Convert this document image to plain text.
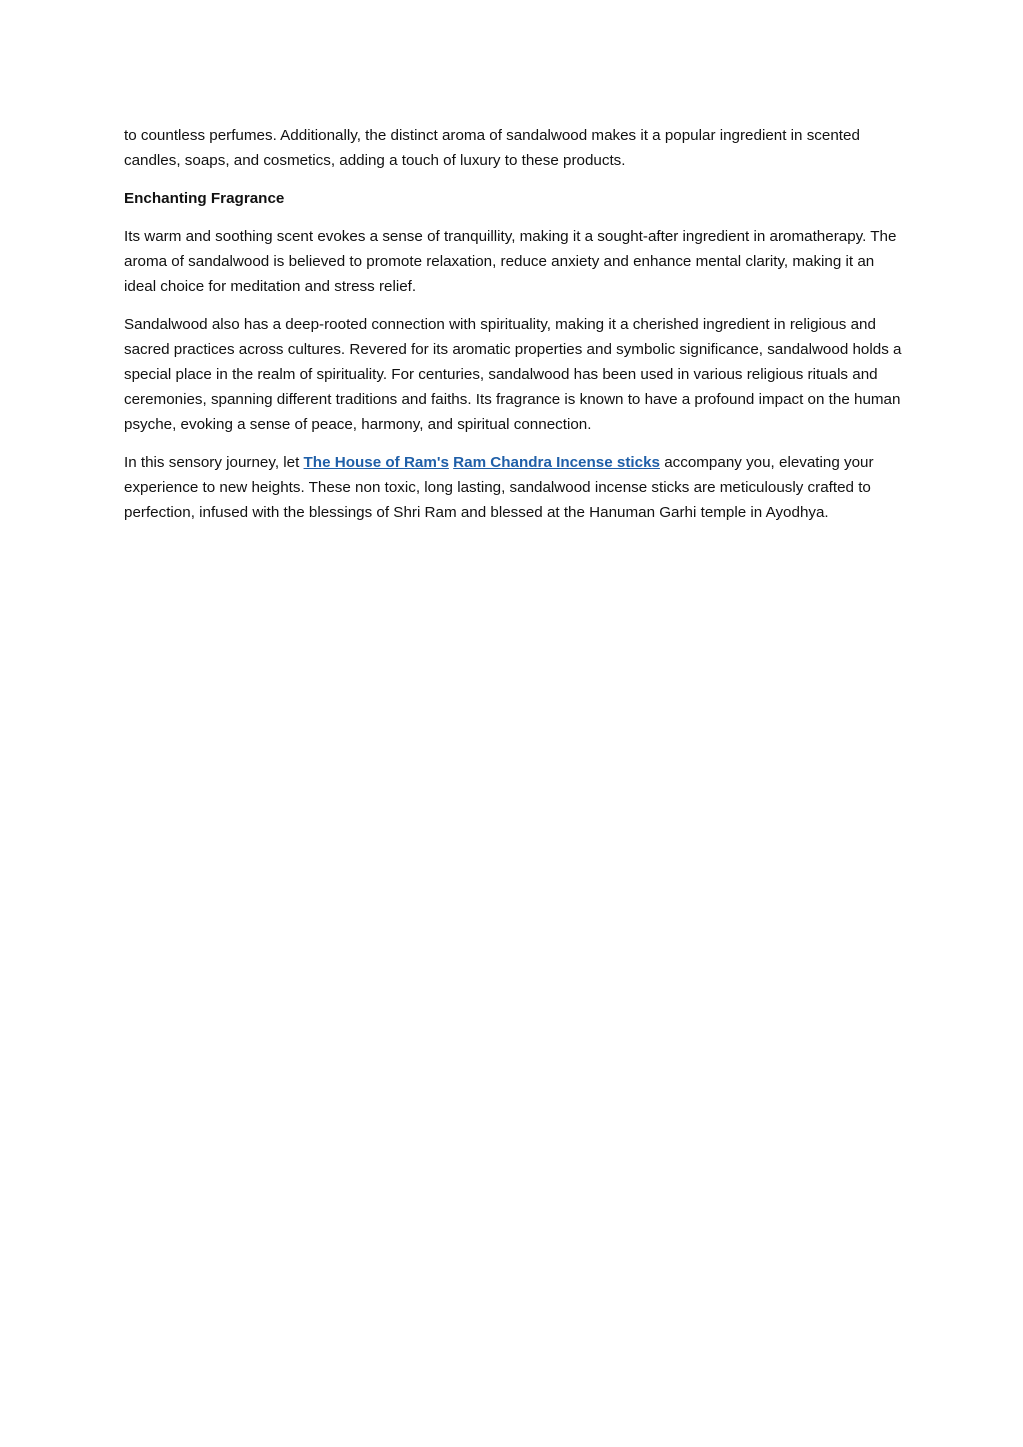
to countless perfumes. Additionally, the distinct aroma of sandalwood makes it a popular ingredient in scented candles, soaps, and cosmetics, adding a touch of luxury to these products.

Enchanting Fragrance

Its warm and soothing scent evokes a sense of tranquillity, making it a sought-after ingredient in aromatherapy. The aroma of sandalwood is believed to promote relaxation, reduce anxiety and enhance mental clarity, making it an ideal choice for meditation and stress relief.

Sandalwood also has a deep-rooted connection with spirituality, making it a cherished ingredient in religious and sacred practices across cultures. Revered for its aromatic properties and symbolic significance, sandalwood holds a special place in the realm of spirituality. For centuries, sandalwood has been used in various religious rituals and ceremonies, spanning different traditions and faiths. Its fragrance is known to have a profound impact on the human psyche, evoking a sense of peace, harmony, and spiritual connection.

In this sensory journey, let The House of Ram's Ram Chandra Incense sticks accompany you, elevating your experience to new heights. These non toxic, long lasting, sandalwood incense sticks are meticulously crafted to perfection, infused with the blessings of Shri Ram and blessed at the Hanuman Garhi temple in Ayodhya.
